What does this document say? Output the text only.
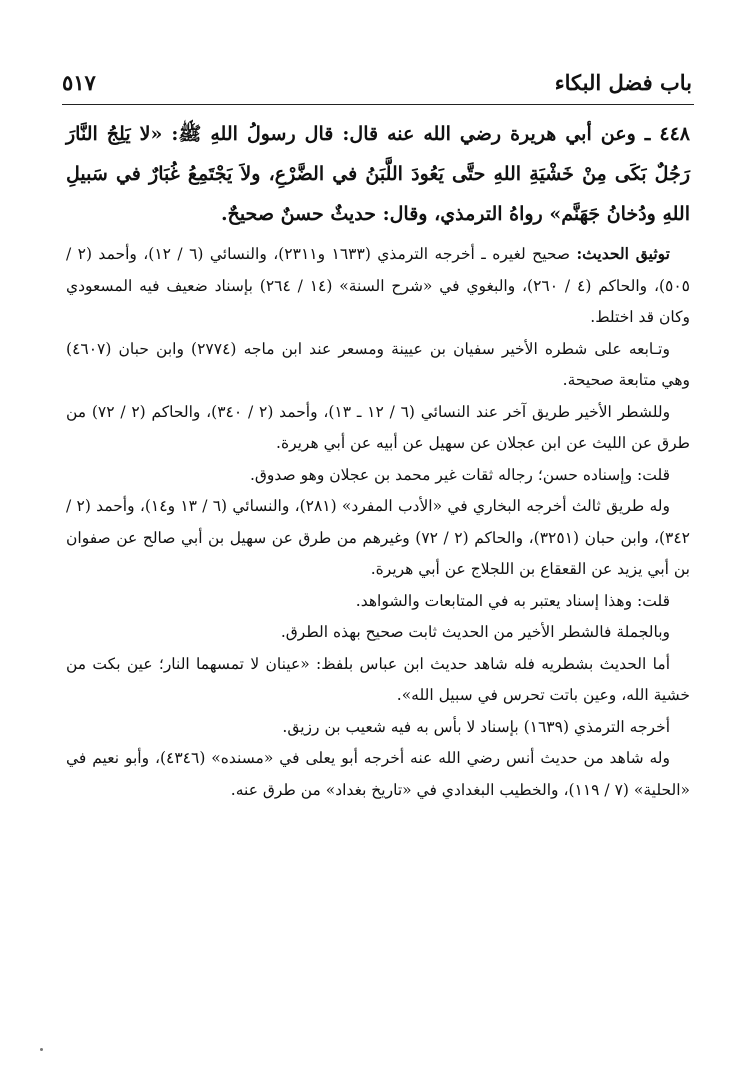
باب فضل البكاء
٥١٧

٤٤٨ ـ وعن أبي هريرة رضي الله عنه قال: قال رسولُ اللهِ ﷺ: «لا يَلِجُ النَّارَ رَجُلٌ بَكَى مِنْ خَشْيَةِ اللهِ حتَّى يَعُودَ اللَّبَنُ في الضَّرْعِ، ولاَ يَجْتَمِعُ غُبَارٌ في سَبيلِ اللهِ ودُخانُ جَهَنَّم» رواهُ الترمذي، وقال: حديثٌ حسنٌ صحيحٌ.

توثيق الحديث: صحيح لغيره ـ أخرجه الترمذي (١٦٣٣ و٢٣١١)، والنسائي (٦ / ١٢)، وأحمد (٢ / ٥٠٥)، والحاكم (٤ / ٢٦٠)، والبغوي في «شرح السنة» (١٤ / ٢٦٤) بإسناد ضعيف فيه المسعودي وكان قد اختلط.

وتـابعه على شطره الأخير سفيان بن عيينة ومسعر عند ابن ماجه (٢٧٧٤) وابن حبان (٤٦٠٧) وهي متابعة صحيحة.

وللشطر الأخير طريق آخر عند النسائي (٦ / ١٢ ـ ١٣)، وأحمد (٢ / ٣٤٠)، والحاكم (٢ / ٧٢) من طرق عن الليث عن ابن عجلان عن سهيل عن أبيه عن أبي هريرة.

قلت: وإسناده حسن؛ رجاله ثقات غير محمد بن عجلان وهو صدوق.

وله طريق ثالث أخرجه البخاري في «الأدب المفرد» (٢٨١)، والنسائي (٦ / ١٣ و١٤)، وأحمد (٢ / ٣٤٢)، وابن حبان (٣٢٥١)، والحاكم (٢ / ٧٢) وغيرهم من طرق عن سهيل بن أبي صالح عن صفوان بن أبي يزيد عن القعقاع بن اللجلاج عن أبي هريرة.

قلت: وهذا إسناد يعتبر به في المتابعات والشواهد.

وبالجملة فالشطر الأخير من الحديث ثابت صحيح بهذه الطرق.

أما الحديث بشطريه فله شاهد حديث ابن عباس بلفظ: «عينان لا تمسهما النار؛ عين بكت من خشية الله، وعين باتت تحرس في سبيل الله».

أخرجه الترمذي (١٦٣٩) بإسناد لا بأس به فيه شعيب بن رزيق.

وله شاهد من حديث أنس رضي الله عنه أخرجه أبو يعلى في «مسنده» (٤٣٤٦)، وأبو نعيم في «الحلية» (٧ / ١١٩)، والخطيب البغدادي في «تاريخ بغداد» من طرق عنه.
